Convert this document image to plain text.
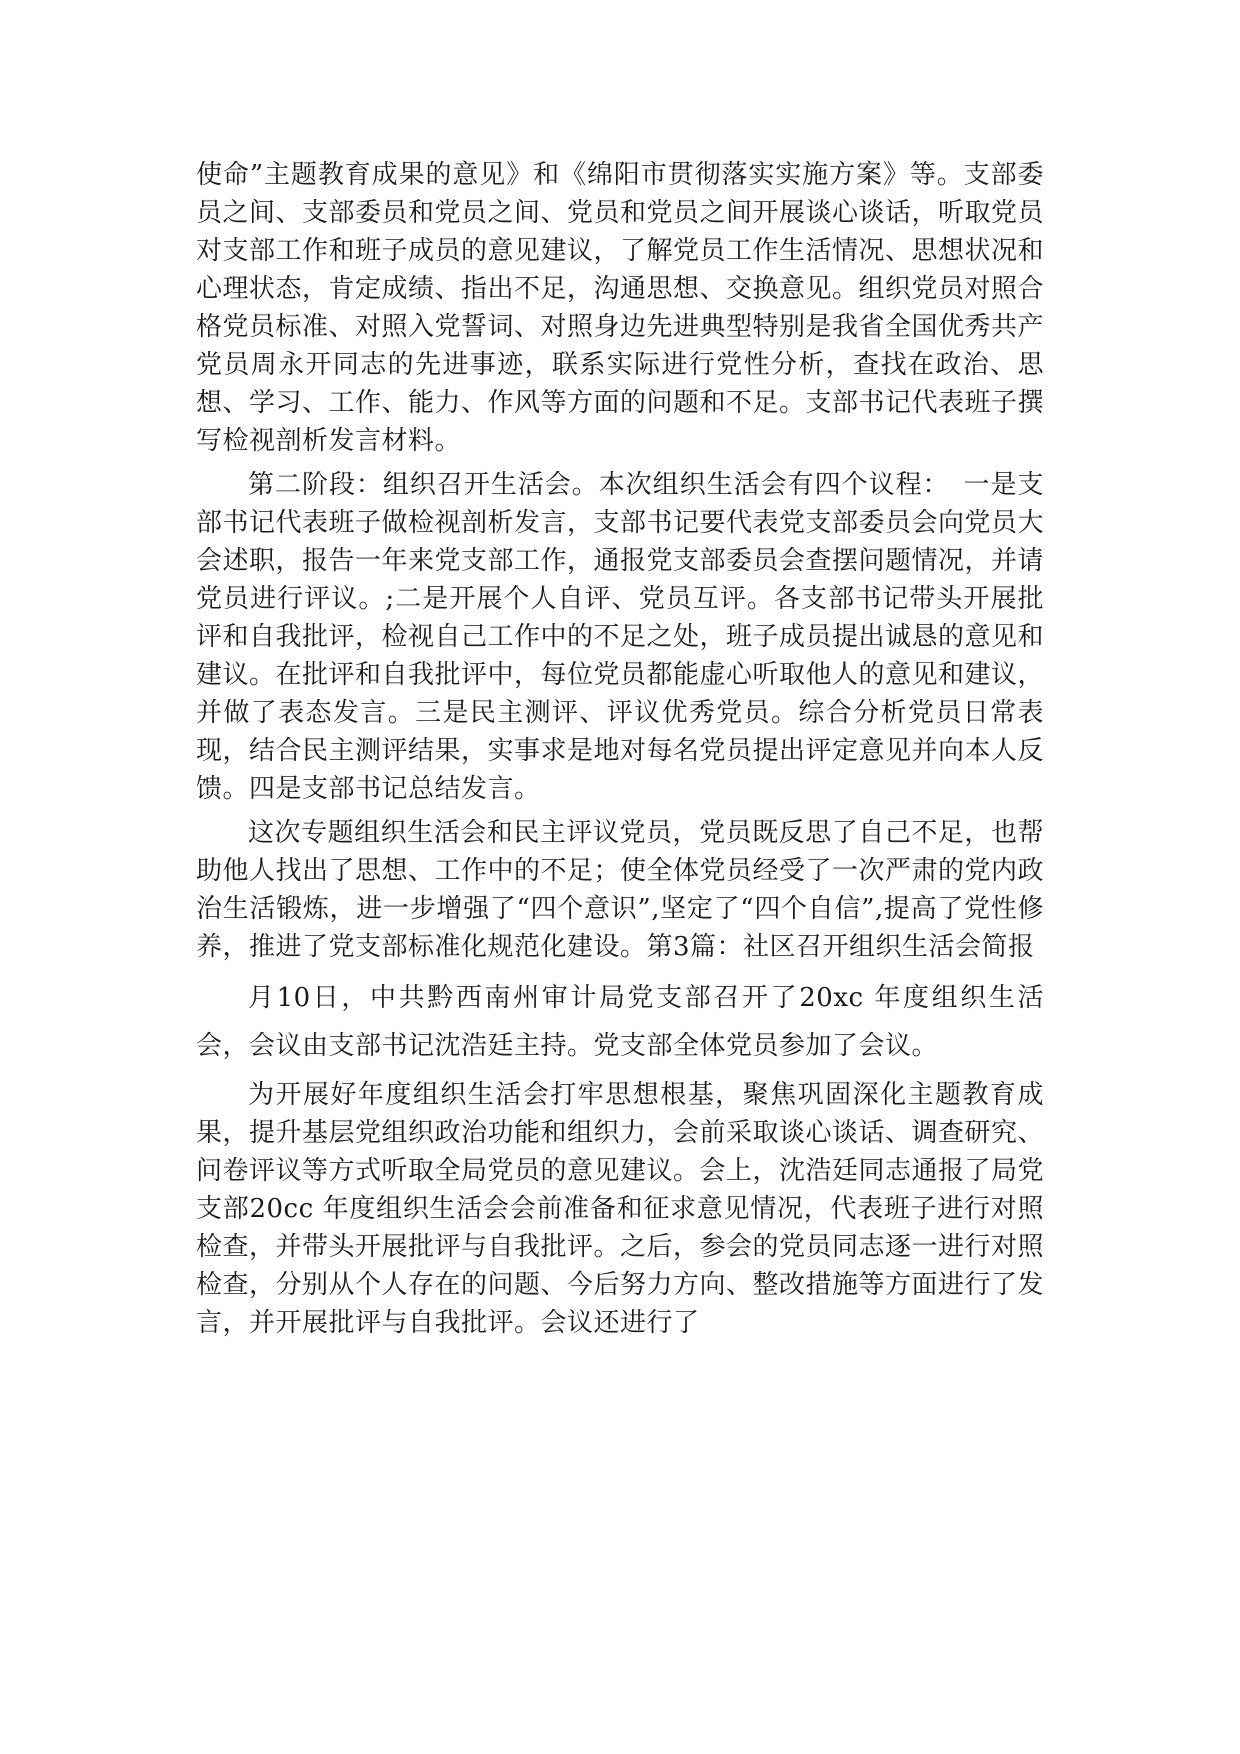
使命”主题教育成果的意见》和《绵阳市贯彻落实实施方案》等。支部委员之间、支部委员和党员之间、党员和党员之间开展谈心谈话，听取党员对支部工作和班子成员的意见建议，了解党员工作生活情况、思想状况和心理状态，肯定成绩、指出不足，沟通思想、交换意见。组织党员对照合格党员标准、对照入党誓词、对照身边先进典型特别是我省全国优秀共产党员周永开同志的先进事迹，联系实际进行党性分析，查找在政治、思想、学习、工作、能力、作风等方面的问题和不足。支部书记代表班子撰写检视剖析发言材料。

第二阶段：组织召开生活会。本次组织生活会有四个议程：　一是支部书记代表班子做检视剖析发言，支部书记要代表党支部委员会向党员大会述职，报告一年来党支部工作，通报党支部委员会查摆问题情况，并请党员进行评议。;二是开展个人自评、党员互评。各支部书记带头开展批评和自我批评，检视自己工作中的不足之处，班子成员提出诚恳的意见和建议。在批评和自我批评中，每位党员都能虚心听取他人的意见和建议，并做了表态发言。三是民主测评、评议优秀党员。综合分析党员日常表现，结合民主测评结果，实事求是地对每名党员提出评定意见并向本人反馈。四是支部书记总结发言。

这次专题组织生活会和民主评议党员，党员既反思了自己不足，也帮助他人找出了思想、工作中的不足；使全体党员经受了一次严肃的党内政治生活锻炼，进一步增强了“四个意识”,坚定了“四个自信”,提高了党性修养，推进了党支部标准化规范化建设。第3篇：社区召开组织生活会简报

月10日，中共黔西南州审计局党支部召开了20xc 年度组织生活会，会议由支部书记沈浩廷主持。党支部全体党员参加了会议。

为开展好年度组织生活会打牢思想根基，聚焦巩固深化主题教育成果，提升基层党组织政治功能和组织力，会前采取谈心谈话、调查研究、问卷评议等方式听取全局党员的意见建议。会上，沈浩廷同志通报了局党支部20cc 年度组织生活会会前准备和征求意见情况，代表班子进行对照检查，并带头开展批评与自我批评。之后，参会的党员同志逐一进行对照检查，分别从个人存在的问题、今后努力方向、整改措施等方面进行了发言，并开展批评与自我批评。会议还进行了
